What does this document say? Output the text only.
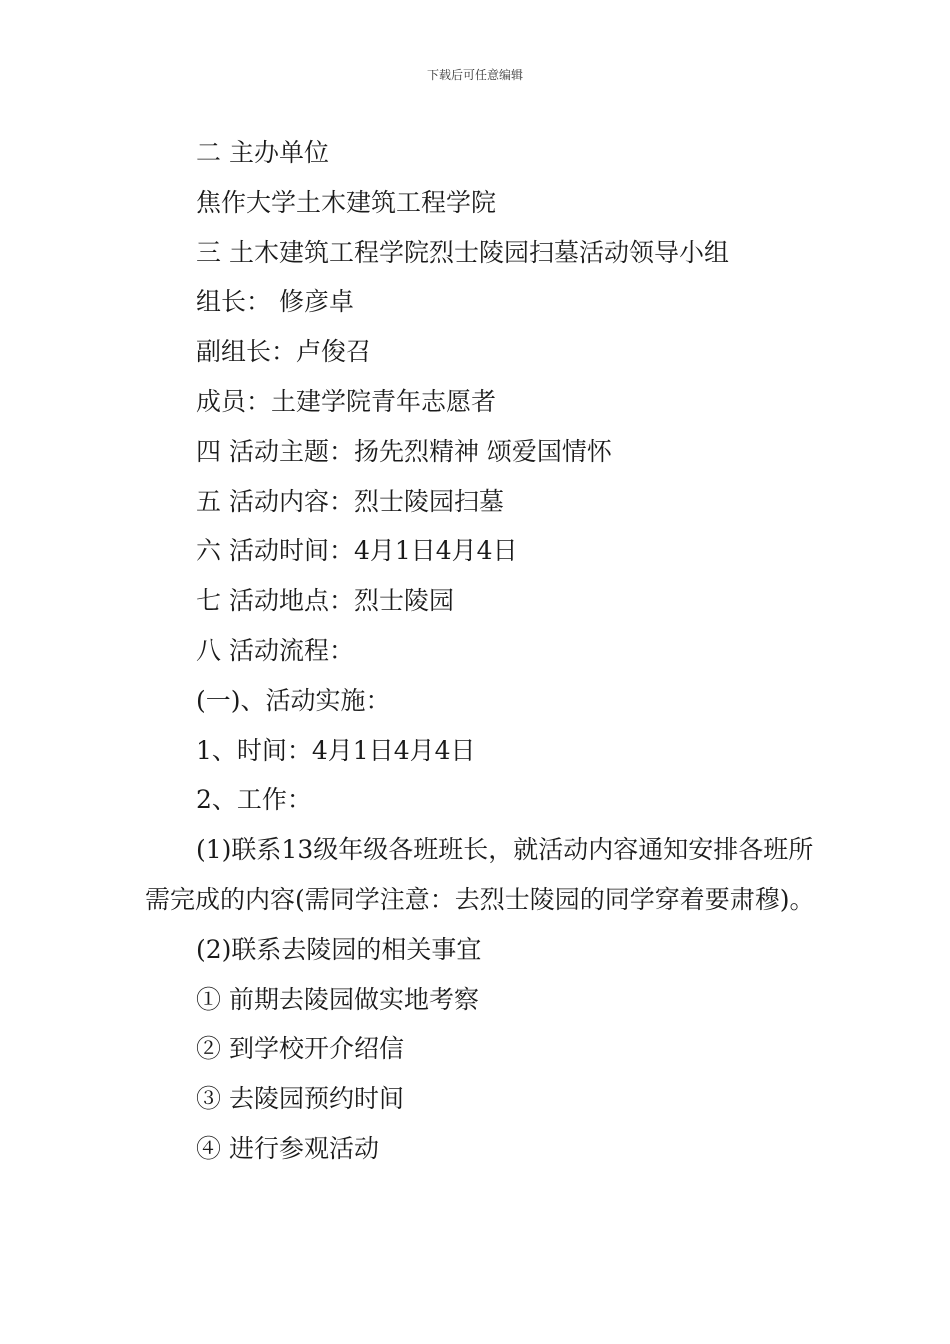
下载后可任意编辑
二 主办单位
焦作大学土木建筑工程学院
三 土木建筑工程学院烈士陵园扫墓活动领导小组
组长： 修彦卓
副组长：卢俊召
成员：土建学院青年志愿者
四 活动主题：扬先烈精神 颂爱国情怀
五 活动内容：烈士陵园扫墓
六 活动时间：4月1日4月4日
七 活动地点：烈士陵园
八 活动流程：
(一)、活动实施：
1、时间：4月1日4月4日
2、工作：
(1)联系13级年级各班班长，就活动内容通知安排各班所需完成的内容(需同学注意：去烈士陵园的同学穿着要肃穆)。
(2)联系去陵园的相关事宜
① 前期去陵园做实地考察
② 到学校开介绍信
③ 去陵园预约时间
④ 进行参观活动
